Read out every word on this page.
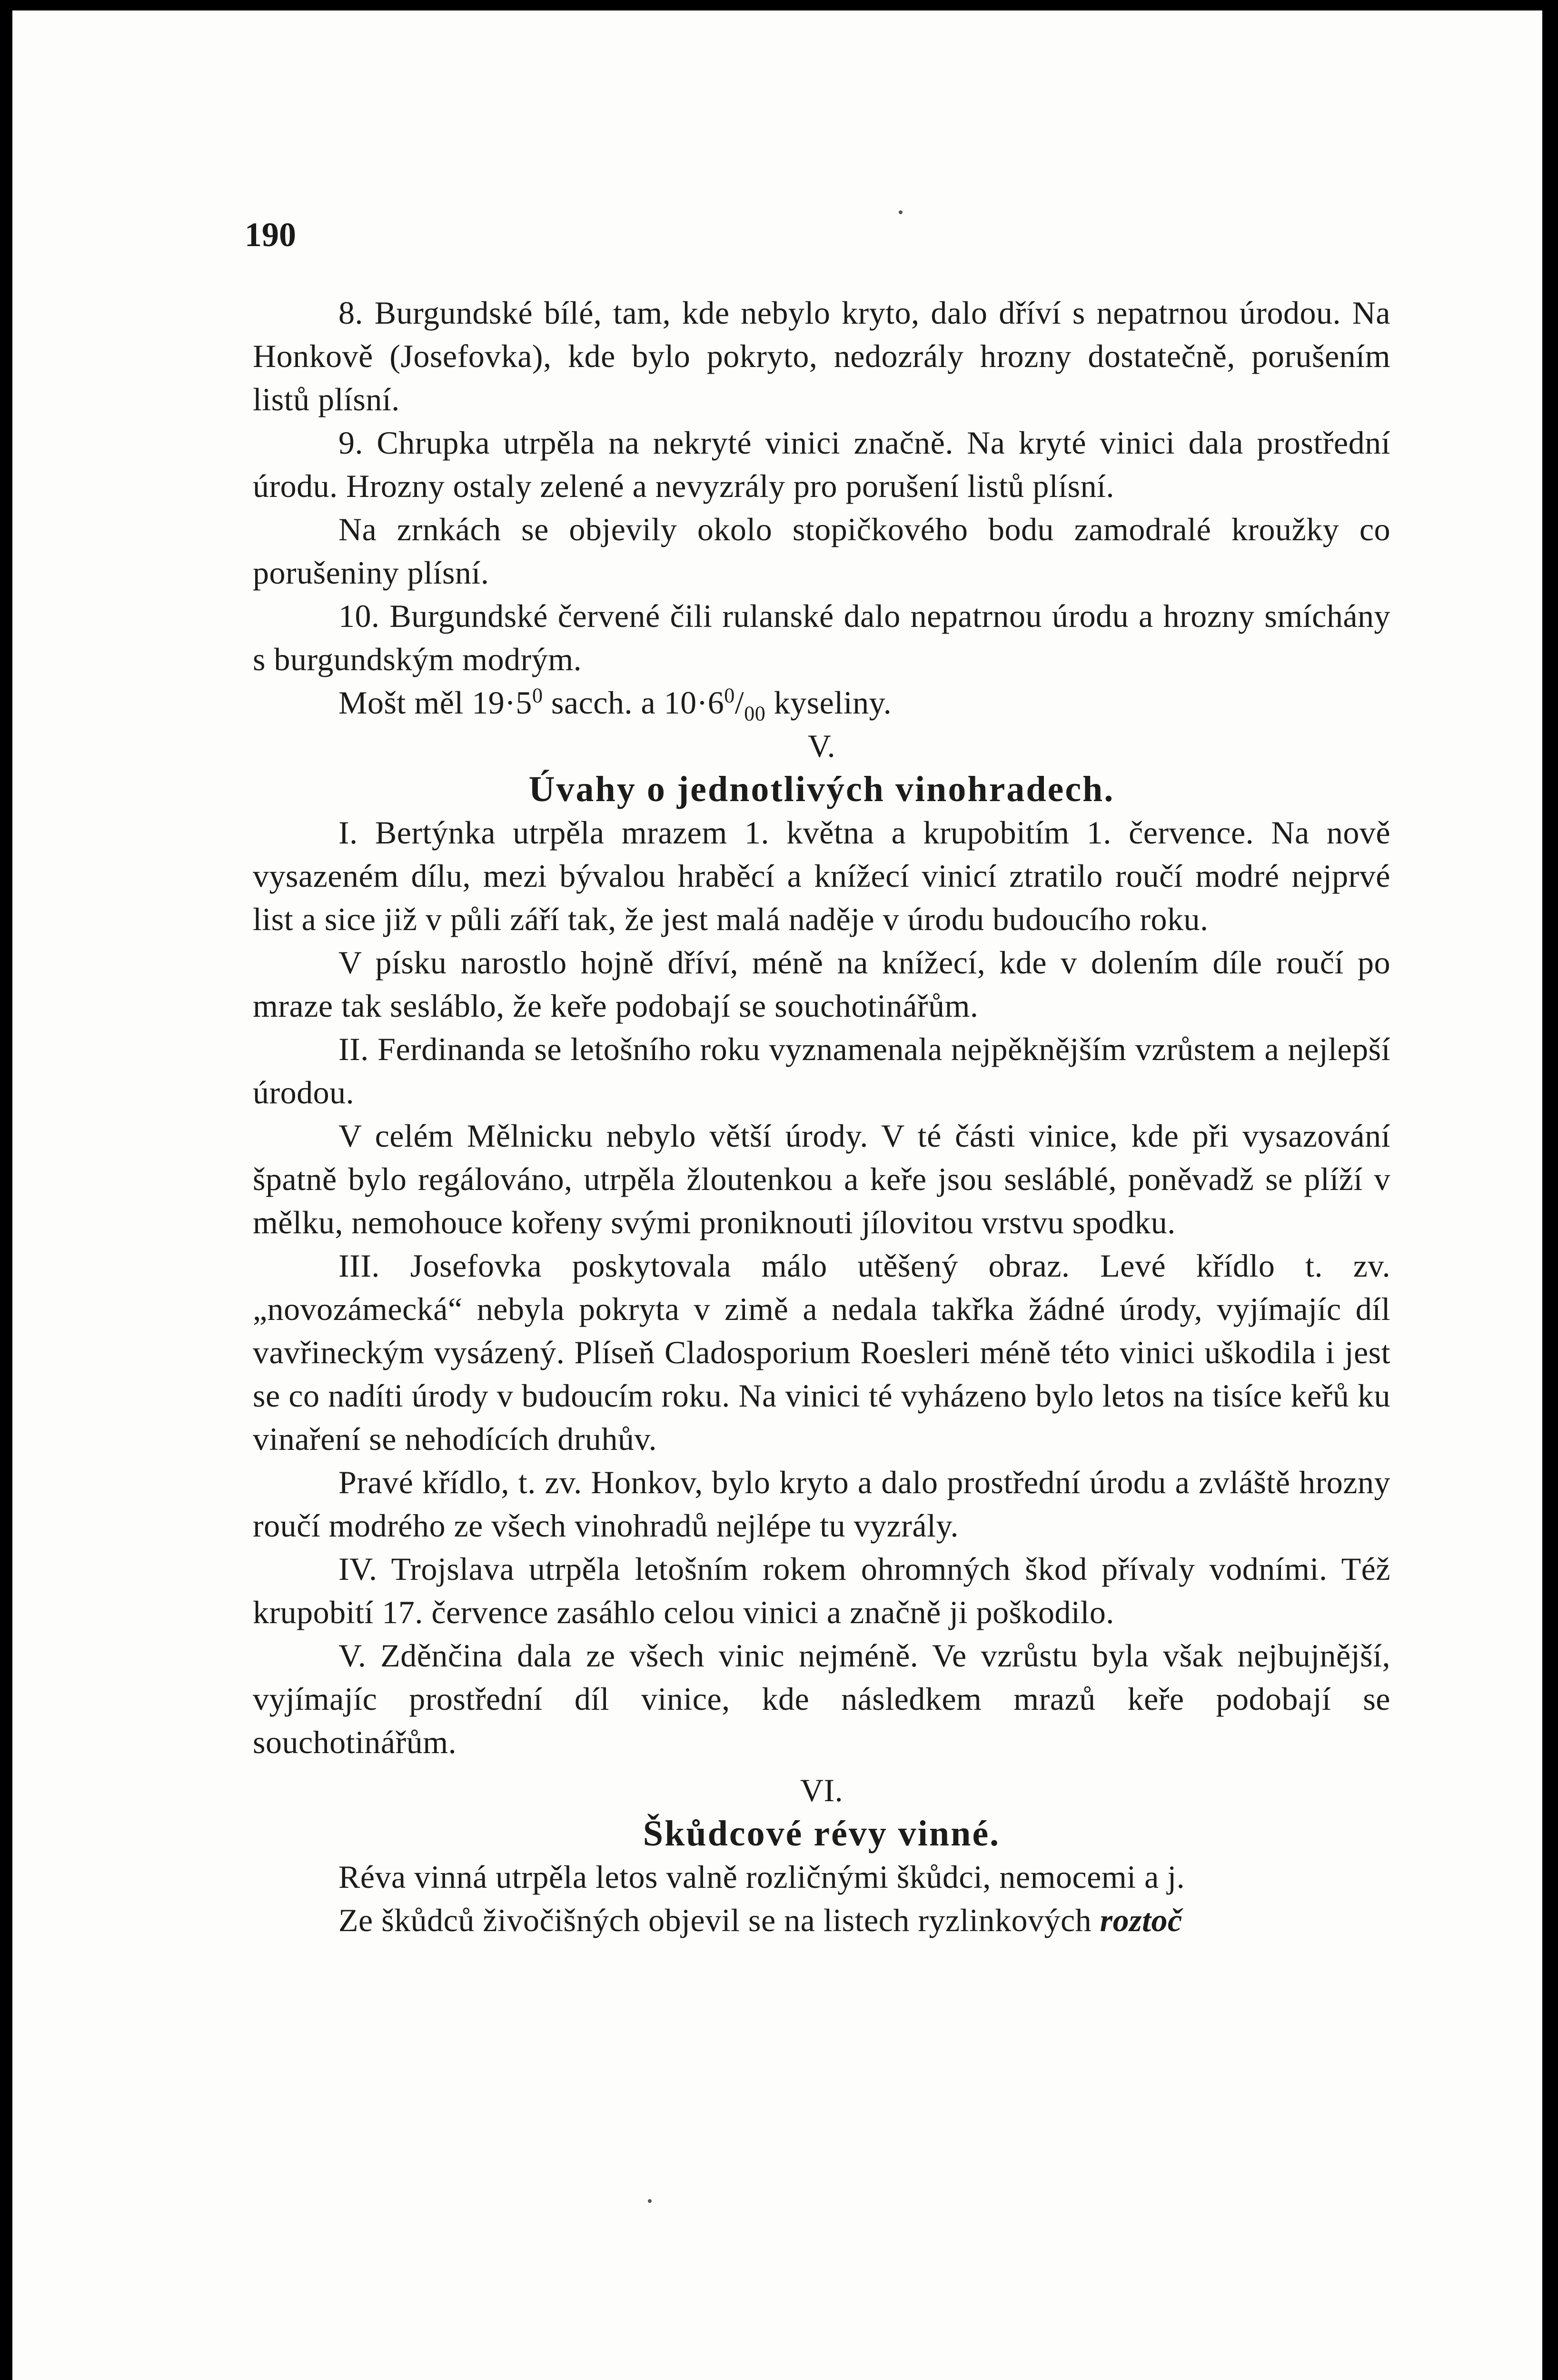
190

8. Burgundské bílé, tam, kde nebylo kryto, dalo dříví s nepatrnou úrodou. Na Honkově (Josefovka), kde bylo pokryto, nedozrály hrozny dostatečně, porušením listů plísní.

9. Chrupka utrpěla na nekryté vinici značně. Na kryté vinici dala prostřední úrodu. Hrozny ostaly zelené a nevyzrály pro porušení listů plísní.

Na zrnkách se objevily okolo stopičkového bodu zamodralé kroužky co porušeniny plísní.

10. Burgundské červené čili rulanské dalo nepatrnou úrodu a hrozny smíchány s burgundským modrým.

Mošt měl $19\cdot 5^0$ sacch. a $10\cdot 6^0/_{00}$ kyseliny.

V.
Úvahy o jednotlivých vinohradech.

I. Bertýnka utrpěla mrazem 1. května a krupobitím 1. července. Na nově vysazeném dílu, mezi bývalou hraběcí a knížecí vinicí ztratilo roučí modré nejprvé list a sice již v půli září tak, že jest malá naděje v úrodu budoucího roku.

V písku narostlo hojně dříví, méně na knížecí, kde v dolením díle roučí po mraze tak sesláblo, že keře podobají se souchotinářům.

II. Ferdinanda se letošního roku vyznamenala nejpěknějším vzrůstem a nejlepší úrodou.

V celém Mělnicku nebylo větší úrody. V té části vinice, kde při vysazování špatně bylo regálováno, utrpěla žloutenkou a keře jsou sesláblé, poněvadž se plíží v mělku, nemohouce kořeny svými proniknouti jílovitou vrstvu spodku.

III. Josefovka poskytovala málo utěšený obraz. Levé křídlo t. zv. „novozámecká“ nebyla pokryta v zimě a nedala takřka žádné úrody, vyjímajíc díl vavřineckým vysázený. Plíseň Cladosporium Roesleri méně této vinici uškodila i jest se co nadíti úrody v budoucím roku. Na vinici té vyházeno bylo letos na tisíce keřů ku vinaření se nehodících druhův.

Pravé křídlo, t. zv. Honkov, bylo kryto a dalo prostřední úrodu a zvláště hrozny roučí modrého ze všech vinohradů nejlépe tu vyzrály.

IV. Trojslava utrpěla letošním rokem ohromných škod přívaly vodními. Též krupobití 17. července zasáhlo celou vinici a značně ji poškodilo.

V. Zděnčina dala ze všech vinic nejméně. Ve vzrůstu byla však nejbujnější, vyjímajíc prostřední díl vinice, kde následkem mrazů keře podobají se souchotinářům.

VI.
Škůdcové révy vinné.

Réva vinná utrpěla letos valně rozličnými škůdci, nemocemi a j.

Ze škůdců živočišných objevil se na listech ryzlinkových roztoč
